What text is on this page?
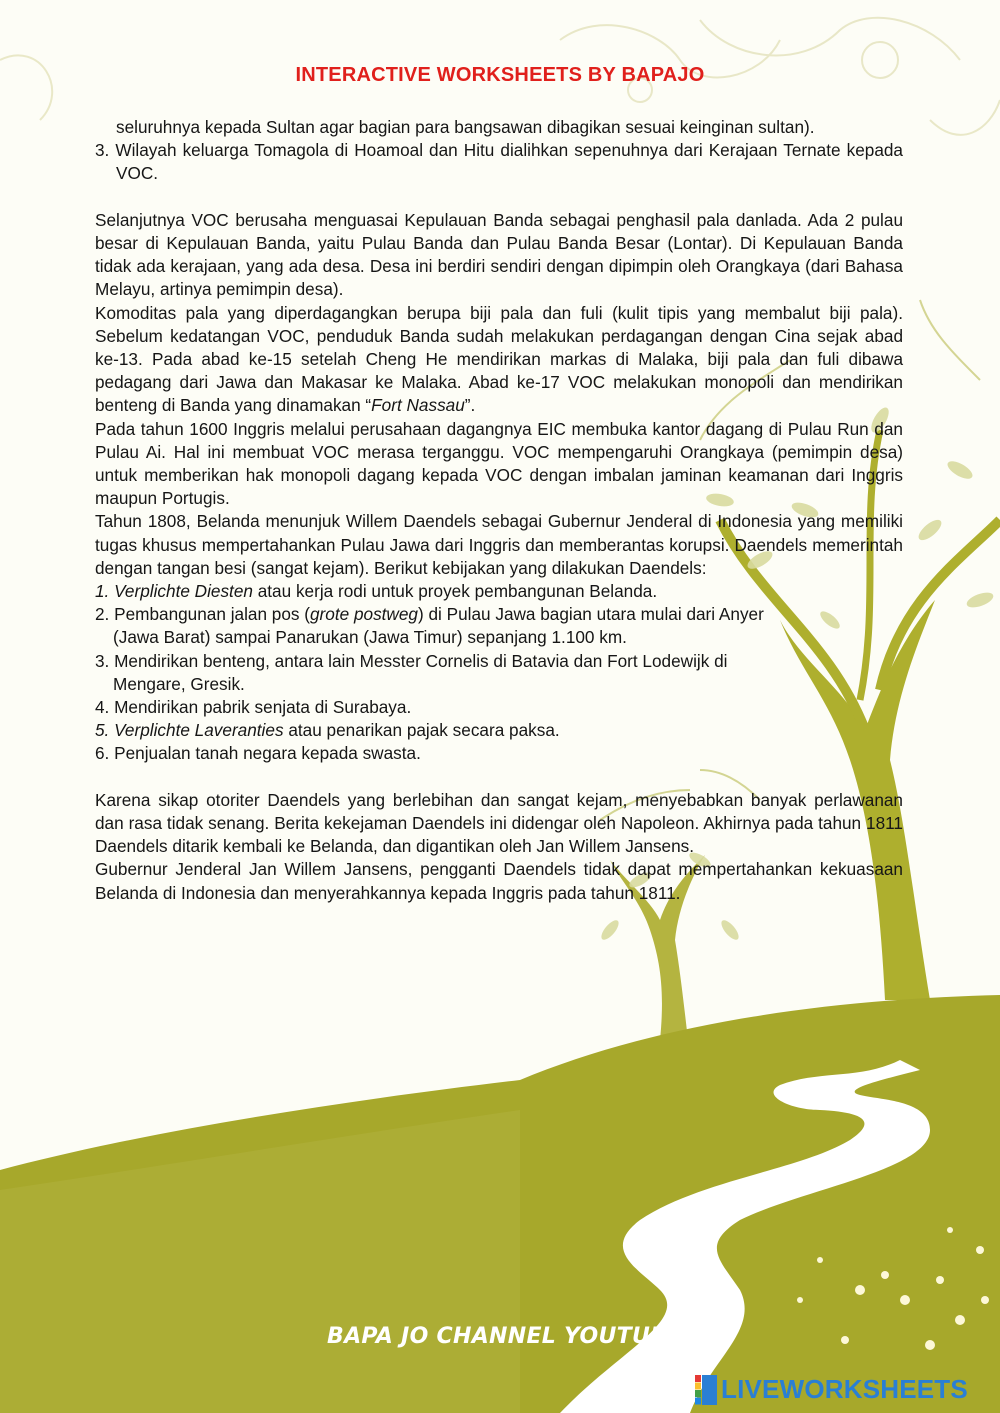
INTERACTIVE WORKSHEETS BY BAPAJO

seluruhnya kepada Sultan agar bagian para bangsawan dibagikan sesuai keinginan sultan).

3. Wilayah keluarga Tomagola di Hoamoal dan Hitu dialihkan sepenuhnya dari Kerajaan Ternate kepada VOC.

Selanjutnya VOC berusaha menguasai Kepulauan Banda sebagai penghasil pala danlada. Ada 2 pulau besar di Kepulauan Banda, yaitu Pulau Banda dan Pulau Banda Besar (Lontar). Di Kepulauan Banda tidak ada kerajaan, yang ada desa. Desa ini berdiri sendiri dengan dipimpin oleh Orangkaya (dari Bahasa Melayu, artinya pemimpin desa).

Komoditas pala yang diperdagangkan berupa biji pala dan fuli (kulit tipis yang membalut biji pala). Sebelum kedatangan VOC, penduduk Banda sudah melakukan perdagangan dengan Cina sejak abad ke-13. Pada abad ke-15 setelah Cheng He mendirikan markas di Malaka, biji pala dan fuli dibawa pedagang dari Jawa dan Makasar ke Malaka. Abad ke-17 VOC melakukan monopoli dan mendirikan benteng di Banda yang dinamakan “Fort Nassau”.

Pada tahun 1600 Inggris melalui perusahaan dagangnya EIC membuka kantor dagang di Pulau Run dan Pulau Ai. Hal ini membuat VOC merasa terganggu. VOC mempengaruhi Orangkaya (pemimpin desa) untuk memberikan hak monopoli dagang kepada VOC dengan imbalan jaminan keamanan dari Inggris maupun Portugis.

Tahun 1808, Belanda menunjuk Willem Daendels sebagai Gubernur Jenderal di Indonesia yang memiliki tugas khusus mempertahankan Pulau Jawa dari Inggris dan memberantas korupsi. Daendels memerintah dengan tangan besi (sangat kejam). Berikut kebijakan yang dilakukan Daendels:

1. Verplichte Diesten atau kerja rodi untuk proyek pembangunan Belanda.

2. Pembangunan jalan pos (grote postweg) di Pulau Jawa bagian utara mulai dari Anyer

(Jawa Barat) sampai Panarukan (Jawa Timur) sepanjang 1.100 km.

3. Mendirikan benteng, antara lain Messter Cornelis di Batavia dan Fort Lodewijk di

Mengare, Gresik.

4. Mendirikan pabrik senjata di Surabaya.

5. Verplichte Laveranties atau penarikan pajak secara paksa.

6. Penjualan tanah negara kepada swasta.

Karena sikap otoriter Daendels yang berlebihan dan sangat kejam, menyebabkan banyak perlawanan dan rasa tidak senang. Berita kekejaman Daendels ini didengar oleh Napoleon. Akhirnya pada tahun 1811 Daendels ditarik kembali ke Belanda, dan digantikan oleh Jan Willem Jansens.

Gubernur Jenderal Jan Willem Jansens, pengganti Daendels tidak dapat mempertahankan kekuasaan Belanda di Indonesia dan menyerahkannya kepada Inggris pada tahun 1811.

BAPA JO CHANNEL YOUTUBE
LIVEWORKSHEETS
